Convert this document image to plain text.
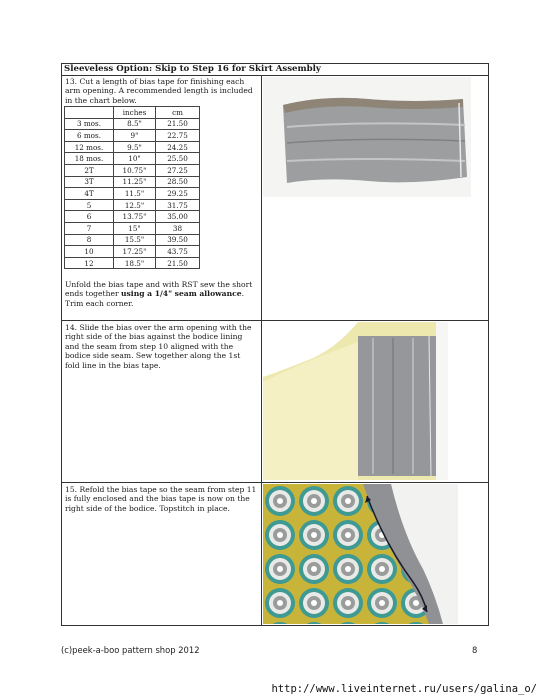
Sleeveless Option: Skip to Step 16 for Skirt Assembly
13. Cut a length of bias tape for finishing each arm opening. A recommended length is included in the chart below.
	inches	cm
3 mos.	8.5"	21.50
6 mos.	9"	22.75
12 mos.	9.5"	24.25
18 mos.	10"	25.50
2T	10.75"	27.25
3T	11.25"	28.50
4T	11.5"	29.25
5	12.5"	31.75
6	13.75"	35.00
7	15"	38
8	15.5"	39.50
10	17.25"	43.75
12	18.5"	21.50
Unfold the bias tape and with RST sew the short ends together using a 1/4" seam allowance. Trim each corner.
14. Slide the bias over the arm opening with the right side of the bias against the bodice lining and the seam from step 10 aligned with the bodice side seam. Sew together along the 1st fold line in the bias tape.
15. Refold the bias tape so the seam from step 11 is fully enclosed and the bias tape is now on the right side of the bodice. Topstitch in place.
(c)peek-a-boo pattern shop 2012	8
http://www.liveinternet.ru/users/galina_o/
